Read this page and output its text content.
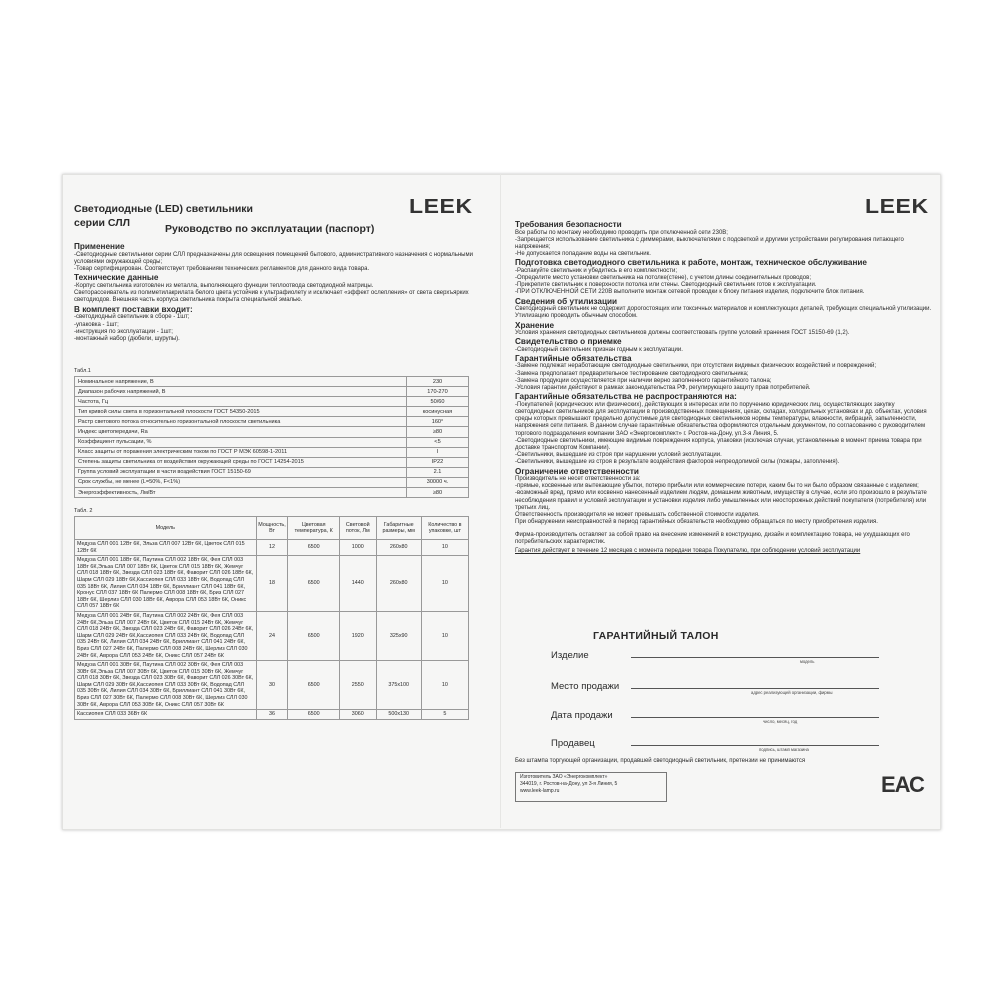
LEEK
Светодиодные (LED) светильники
серии СЛЛ	Руководство по эксплуатации (паспорт)

Применение

-Светодиодные светильники серии СЛЛ предназначены для освещения помещений бытового, административного назначения с нормальными условиями окружающей среды;

-Товар сертифицирован. Соответствует требованиям технических регламентов для данного вида товара.

Технические данные

-Корпус светильника изготовлен из металла, выполняющего функции теплоотвода светодиодной матрицы.

Светорассеиватель из полиметилакрилата белого цвета устойчив к ультрафиолету и исключает «эффект ослепления» от света сверхъярких светодиодов. Внешняя часть корпуса светильника покрыта специальной эмалью.

В комплект поставки входит:

-светодиодный светильник в сборе - 1шт;

-упаковка - 1шт;

-инструкция по эксплуатации - 1шт;

-монтажный набор (дюбели, шурупы).

Табл.1
Номинальное напряжение, В	230
Диапазон рабочих напряжений, В	170-270
Частота, Гц	50/60
Тип кривой силы света в горизонтальной плоскости ГОСТ 54350-2015	косинусная
Растр светового потока относительно горизонтальной плоскости светильника	160°
Индекс цветопередачи, Ra	≥80
Коэффициент пульсации, %	<5
Класс защиты от поражения электрическим током по ГОСТ Р МЭК 60598-1-2011	I
Степень защиты светильника от воздействия окружающей среды по ГОСТ 14254-2015	IP22
Группа условий эксплуатации в части воздействия ГОСТ 15150-69	2.1
Срок службы, не менее (L=50%, F<1%)	30000 ч.
Энергоэффективность, Лм/Вт	≥80
Табл. 2
Модель	Мощность, Вт	Цветовая температура, К	Световой поток, Лм	Габаритные размеры, мм	Количество в упаковке, шт
Медуза СЛЛ 001 12Вт 6К, Эльза СЛЛ 007 12Вт 6К, Цветок СЛЛ 015 12Вт 6К	12	6500	1000	260x80	10
Медуза СЛЛ 001 18Вт 6К, Паутина СЛЛ 002 18Вт 6К, Фея СЛЛ 003 18Вт 6К,Эльза СЛЛ 007 18Вт 6К, Цветок СЛЛ 015 18Вт 6К, Жемчуг СЛЛ 018 18Вт 6К, Звезда СЛЛ 023 18Вт 6К, Фаворит СЛЛ 026 18Вт 6К, Шарм СЛЛ 029 18Вт 6К,Кассиопея СЛЛ 033 18Вт 6К, Водопад СЛЛ 035 18Вт 6К, Лилия СЛЛ 034 18Вт 6К, Бриллиант СЛЛ 041 18Вт 6К, Кронус СЛЛ 037 18Вт 6К Палермо СЛЛ 008 18Вт 6К, Бриз СЛЛ 027 18Вт 6К, Шерлиз СЛЛ 030 18Вт 6К, Аврора СЛЛ 053 18Вт 6К, Оникс СЛЛ 057 18Вт 6К	18	6500	1440	260x80	10
Медуза СЛЛ 001 24Вт 6К, Паутина СЛЛ 002 24Вт 6К, Фея СЛЛ 003 24Вт 6К,Эльза СЛЛ 007 24Вт 6К, Цветок СЛЛ 015 24Вт 6К, Жемчуг СЛЛ 018 24Вт 6К, Звезда СЛЛ 023 24Вт 6К, Фаворит СЛЛ 026 24Вт 6К, Шарм СЛЛ 029 24Вт 6К,Кассиопея СЛЛ 033 24Вт 6К, Водопад СЛЛ 035 24Вт 6К, Лилия СЛЛ 034 24Вт 6К, Бриллиант СЛЛ 041 24Вт 6К, Бриз СЛЛ 027 24Вт 6К, Палермо СЛЛ 008 24Вт 6К, Шерлиз СЛЛ 030 24Вт 6К, Аврора СЛЛ 053 24Вт 6К, Оникс СЛЛ 057 24Вт 6К	24	6500	1920	325x90	10
Медуза СЛЛ 001 30Вт 6К, Паутина СЛЛ 002 30Вт 6К, Фея СЛЛ 003 30Вт 6К,Эльза СЛЛ 007 30Вт 6К, Цветок СЛЛ 015 30Вт 6К, Жемчуг СЛЛ 018 30Вт 6К, Звезда СЛЛ 023 30Вт 6К, Фаворит СЛЛ 026 30Вт 6К, Шарм СЛЛ 029 30Вт 6К,Кассиопея СЛЛ 033 30Вт 6К, Водопад СЛЛ 035 30Вт 6К, Лилия СЛЛ 034 30Вт 6К, Бриллиант СЛЛ 041 30Вт 6К, Бриз СЛЛ 027 30Вт 6К, Палермо СЛЛ 008 30Вт 6К, Шерлиз СЛЛ 030 30Вт 6К, Аврора СЛЛ 053 30Вт 6К, Оникс СЛЛ 057 30Вт 6К	30	6500	2550	375x100	10
Кассиопея СЛЛ 033 36Вт 6К	36	6500	3060	500x130	5
LEEK

Требования безопасности

Все работы по монтажу необходимо проводить при отключенной сети 230В;

-Запрещается использование светильника с диммерами, выключателями с подсветкой и другими устройствами регулирования питающего напряжения;

-Не допускается попадание воды на светильник.

Подготовка светодиодного светильника к работе, монтаж, техническое обслуживание

-Распакуйте светильник и убедитесь в его комплектности;

-Определите место установки светильника на потолке(стене), с учетом длины соединительных проводов;

-Прикрепите светильник к поверхности потолка или стены. Светодиодный светильник готов к эксплуатации.

-ПРИ ОТКЛЮЧЕННОЙ СЕТИ 220В выполните монтаж сетевой проводки к блоку питания изделия, подключите блок питания.

Сведения об утилизации

Светодиодный светильник не содержит дорогостоящих или токсичных материалов и комплектующих деталей, требующих специальной утилизации. Утилизацию проводить обычным способом.

Хранение

Условия хранения светодиодных светильников должны соответствовать группе условий хранения ГОСТ 15150-69 (1,2).

Свидетельство о приемке

-Светодиодный светильник признан годным к эксплуатации.

Гарантийные обязательства

-Замене подлежат неработающие светодиодные светильники, при отсутствии видимых физических воздействий и повреждений;

-Замена предполагает предварительное тестирование светодиодного светильника;

-Замена продукции осуществляется при наличии верно заполненного гарантийного талона;

-Условия гарантии действуют в рамках законодательства РФ, регулирующего защиту прав потребителей.

Гарантийные обязательства не распространяются на:

-Покупателей (юридических или физических), действующих в интересах или по поручению юридических лиц, осуществляющих закупку светодиодных светильников для эксплуатации в производственных помещениях, цехах, складах, холодильных установках и др. объектах, условия среды которых превышают предельно допустимые для светодиодных светильников нормы температуры, влажности, вибраций, запыленности, напряжения сети питания. В данном случае гарантийные обязательства оформляются отдельным документом, по согласованию с руководителем торгового подразделения компании ЗАО «Энергокомплект» г. Ростов-на-Дону, ул.3-я Линия, 5.

-Светодиодные светильники, имеющие видимые повреждения корпуса, упаковки (исключая случаи, установленные в момент приема товара при доставке транспортом Компании).

-Светильники, вышедшие из строя при нарушении условий эксплуатации.

-Светильники, вышедшие из строя в результате воздействия факторов непреодолимой силы (пожары, затопления).

Ограничение ответственности

Производитель не несет ответственности за:

-прямые, косвенные или вытекающие убытки, потерю прибыли или коммерческие потери, каким бы то ни было образом связанные с изделием;

-возможный вред, прямо или косвенно нанесенный изделием людям, домашним животным, имуществу в случае, если это произошло в результате несоблюдения правил и условий эксплуатации и установки изделия либо умышленных или неосторожных действий покупателя (потребителя) или третьих лиц.

Ответственность производителя не может превышать собственной стоимости изделия.

При обнаружении неисправностей в период гарантийных обязательств необходимо обращаться по месту приобретения изделия.

Фирма-производитель оставляет за собой право на внесение изменений в конструкцию, дизайн и комплектацию товара, не ухудшающих его потребительских характеристик.

Гарантия действует в течение 12 месяцев с момента передачи товара Покупателю, при соблюдении условий эксплуатации

ГАРАНТИЙНЫЙ ТАЛОН
Изделие
модель
Место продажи
адрес реализующей организации, фирмы
Дата продажи
число, месяц, год
Продавец
подпись, штамп магазина
Без штампа торгующей организации, продавшей светодиодный светильник, претензии не принимаются
Изготовитель ЗАО «Энергокомплект»
344019, г. Ростов-на-Дону, ул 3-я Линия, 5
www.leek-lamp.ru	ЕАС
